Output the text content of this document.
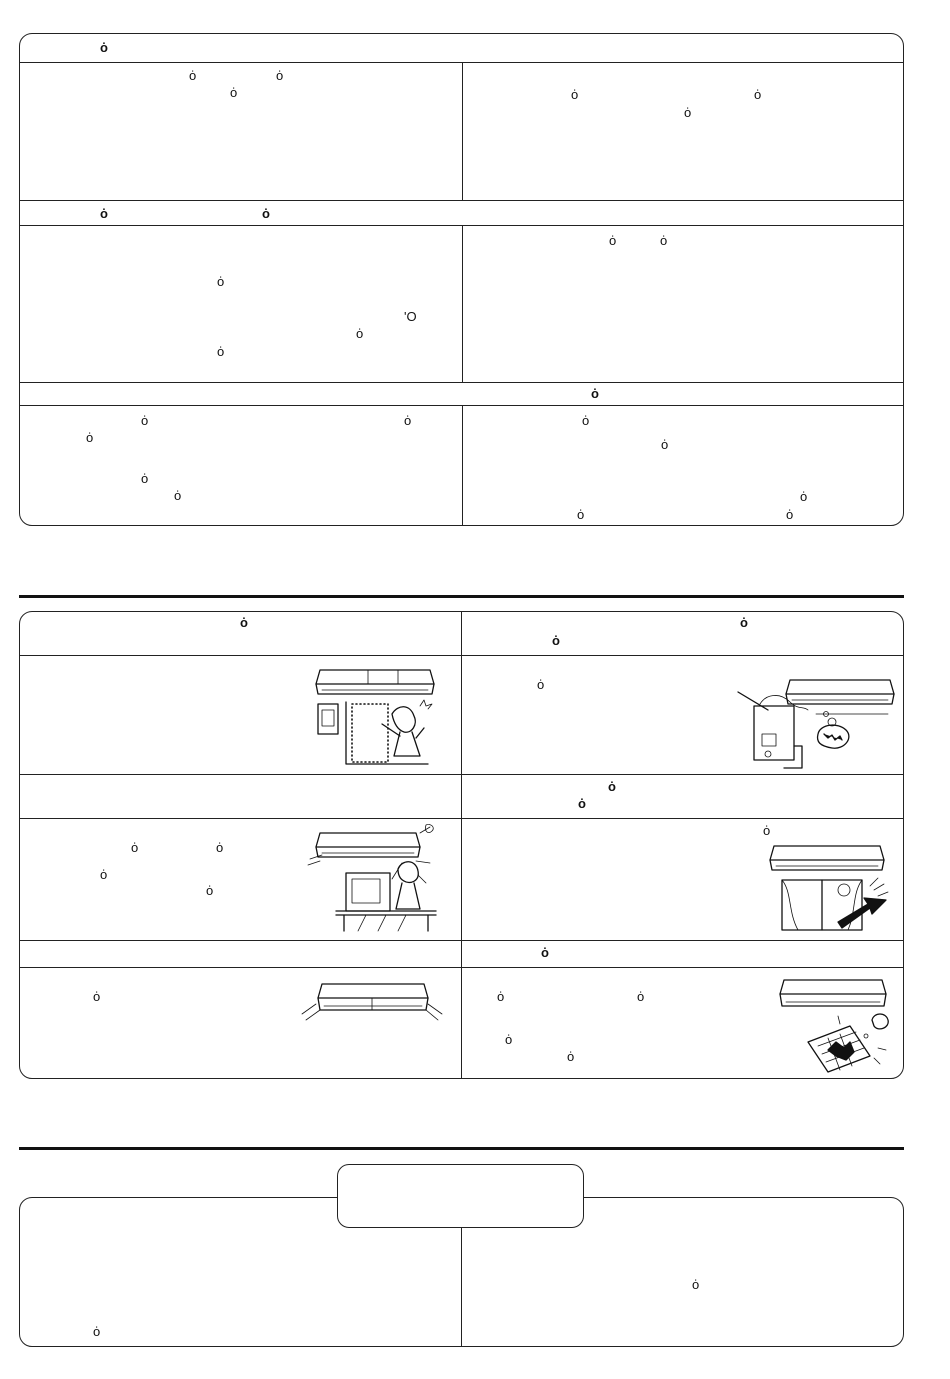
ȯ
ȯ	ȯ
ȯ	ȯ	ȯ
ȯ
ȯ	ȯ
ȯ
'O
ȯ
ȯ
ȯ	ȯ
ȯ
ȯ	ȯ
ȯ
ȯ
ȯ
ȯ
ȯ
ȯ
ȯ	ȯ
ȯ	ȯ
ȯ
ȯ
ȯ
ȯ
ȯ	ȯ
ȯ
ȯ
ȯ
ȯ
ȯ	ȯ	ȯ
ȯ
ȯ
ȯ
ȯ
